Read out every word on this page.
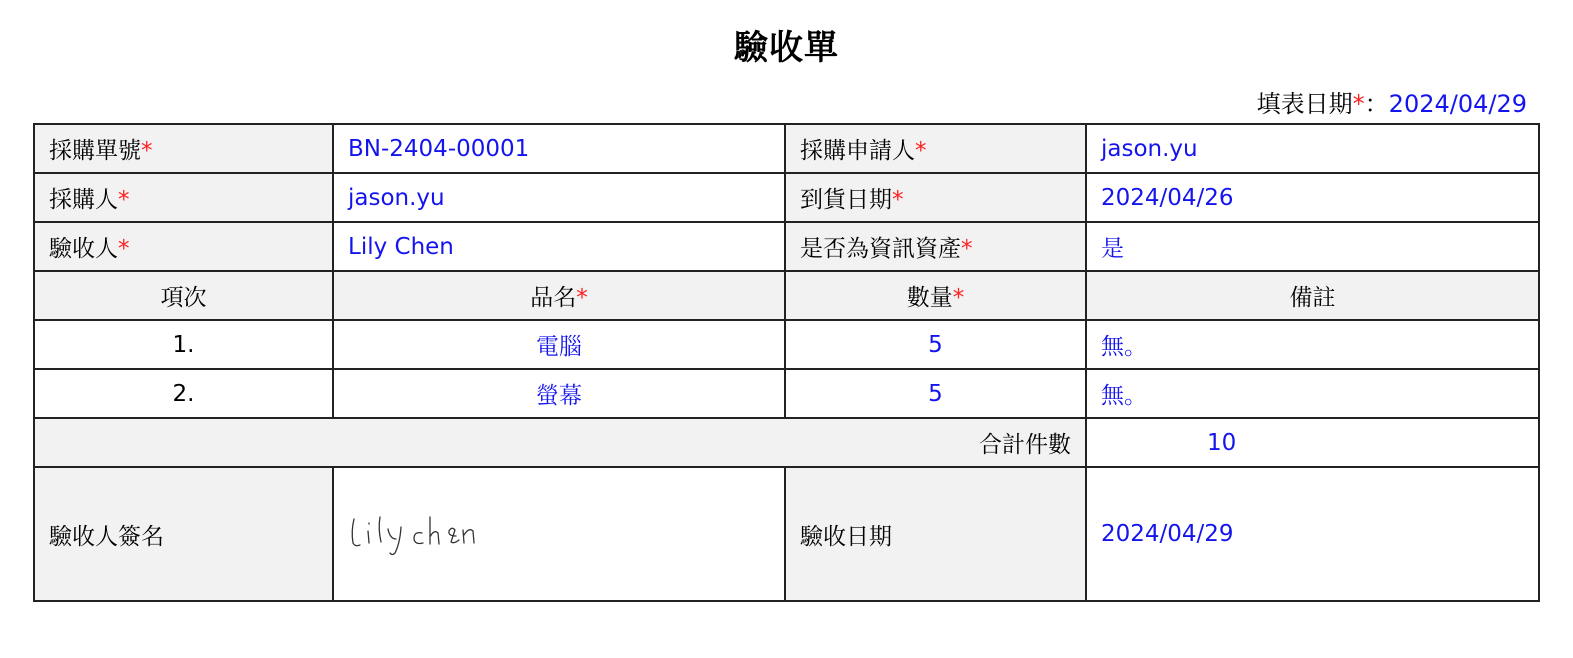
驗收單
填表日期*：2024/04/29
採購單號*	BN-2404-00001	採購申請人*	jason.yu
採購人*	jason.yu	到貨日期*	2024/04/26
驗收人*	Lily Chen	是否為資訊資產*	是
項次	品名*	數量*	備註
1.	電腦	5	無。
2.	螢幕	5	無。
合計件數			10
驗收人簽名		驗收日期	2024/04/29
